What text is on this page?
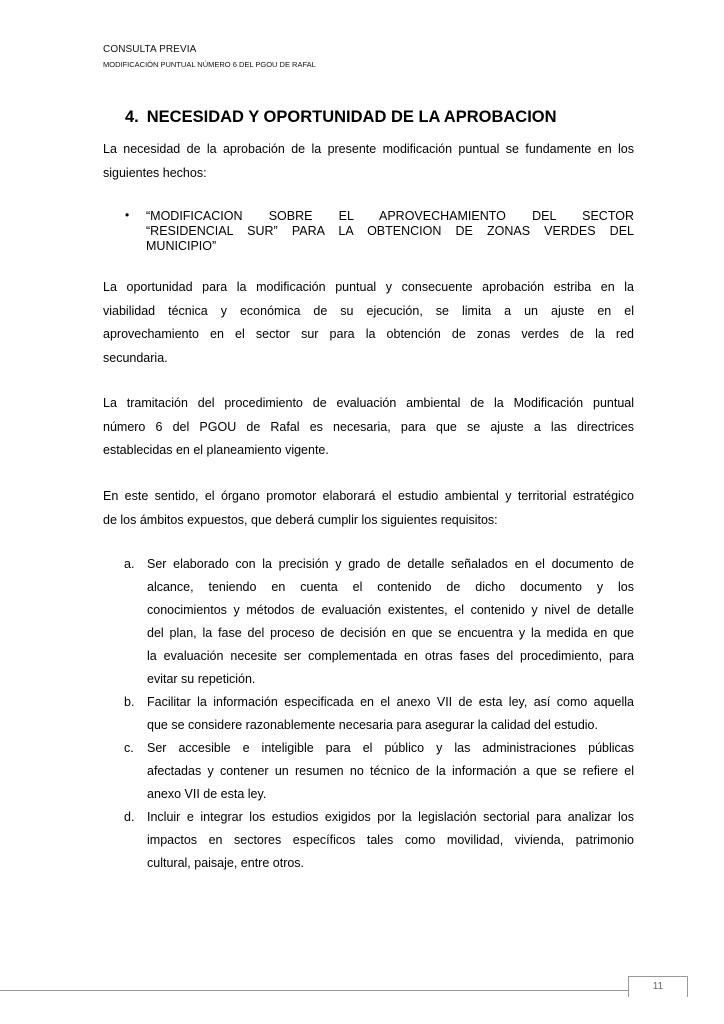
CONSULTA PREVIA
MODIFICACIÓN PUNTUAL NÚMERO 6 DEL PGOU DE RAFAL
4. NECESIDAD Y OPORTUNIDAD DE LA APROBACION

La necesidad de la aprobación de la presente modificación puntual se fundamente en los
siguientes hechos:

• “MODIFICACION SOBRE EL APROVECHAMIENTO DEL SECTOR
“RESIDENCIAL SUR” PARA LA OBTENCION DE ZONAS VERDES DEL
MUNICIPIO”

La oportunidad para la modificación puntual y consecuente aprobación estriba en la
viabilidad técnica y económica de su ejecución, se limita a un ajuste en el
aprovechamiento en el sector sur para la obtención de zonas verdes de la red
secundaria.

La tramitación del procedimiento de evaluación ambiental de la Modificación puntual
número 6 del PGOU de Rafal es necesaria, para que se ajuste a las directrices
establecidas en el planeamiento vigente.

En este sentido, el órgano promotor elaborará el estudio ambiental y territorial estratégico
de los ámbitos expuestos, que deberá cumplir los siguientes requisitos:

a.	Ser elaborado con la precisión y grado de detalle señalados en el documento de
alcance, teniendo en cuenta el contenido de dicho documento y los
conocimientos y métodos de evaluación existentes, el contenido y nivel de detalle
del plan, la fase del proceso de decisión en que se encuentra y la medida en que
la evaluación necesite ser complementada en otras fases del procedimiento, para
evitar su repetición.
b.	Facilitar la información especificada en el anexo VII de esta ley, así como aquella
que se considere razonablemente necesaria para asegurar la calidad del estudio.
c.	Ser accesible e inteligible para el público y las administraciones públicas
afectadas y contener un resumen no técnico de la información a que se refiere el
anexo VII de esta ley.
d.	Incluir e integrar los estudios exigidos por la legislación sectorial para analizar los
impactos en sectores específicos tales como movilidad, vivienda, patrimonio
cultural, paisaje, entre otros.
11
